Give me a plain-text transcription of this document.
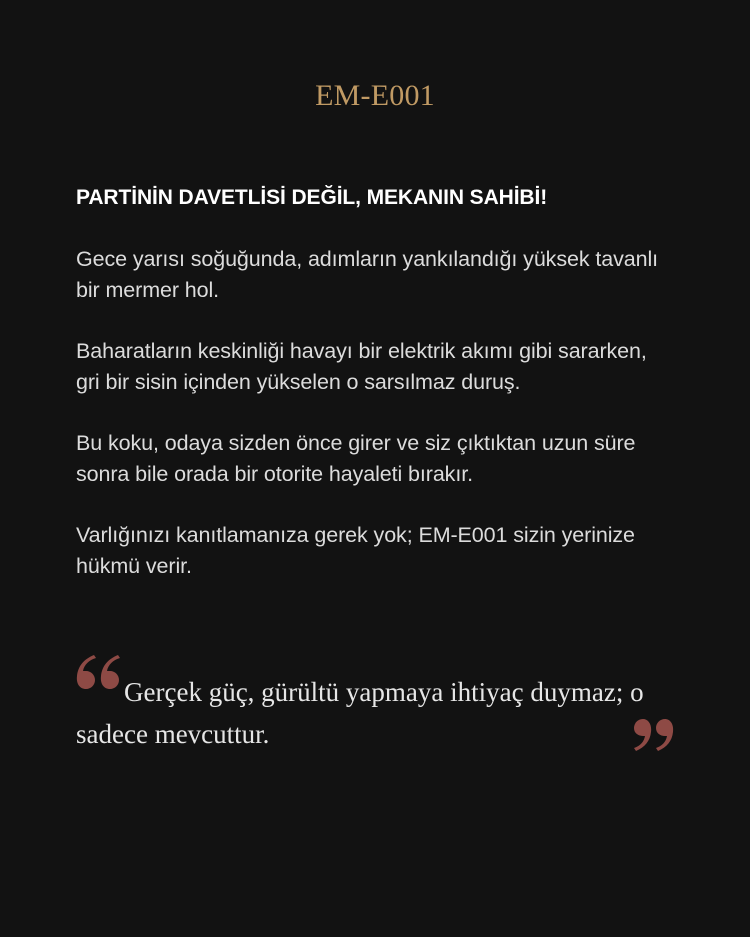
EM-E001
PARTİNİN DAVETLİSİ DEĞİL, MEKANIN SAHİBİ!

Gece yarısı soğuğunda, adımların yankılandığı yüksek tavanlı bir mermer hol.

Baharatların keskinliği havayı bir elektrik akımı gibi sararken, gri bir sisin içinden yükselen o sarsılmaz duruş.

Bu koku, odaya sizden önce girer ve siz çıktıktan uzun süre sonra bile orada bir otorite hayaleti bırakır.

Varlığınızı kanıtlamanıza gerek yok; EM-E001 sizin yerinize hükmü verir.

Gerçek güç, gürültü yapmaya ihtiyaç duymaz; o sadece mevcuttur.
